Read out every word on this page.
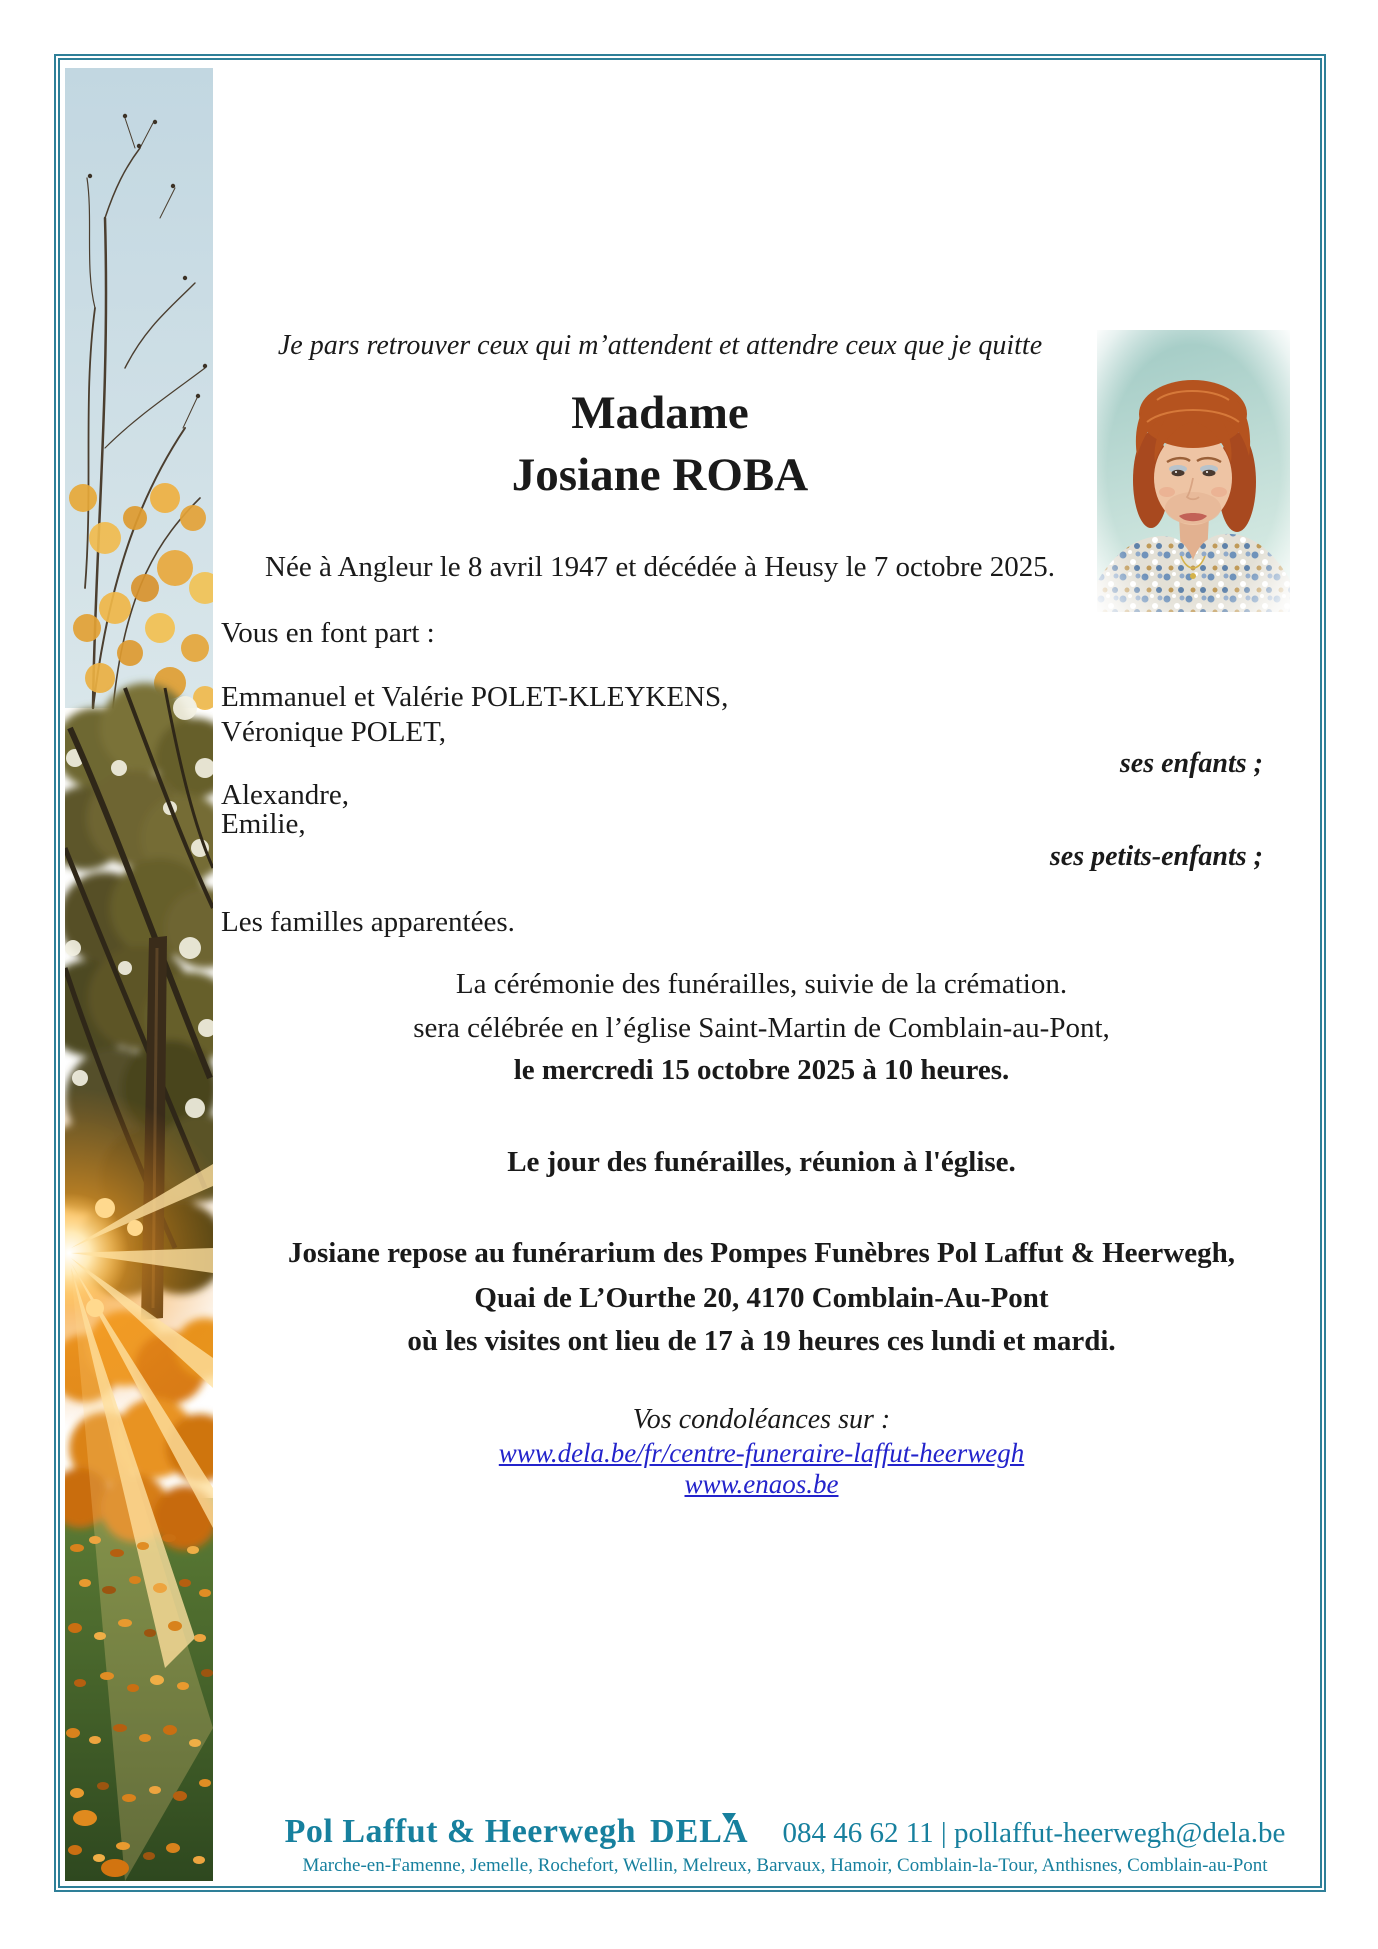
Je pars retrouver ceux qui m’attendent et attendre ceux que je quitte
Madame
Josiane ROBA
Née à Angleur le 8 avril 1947 et décédée à Heusy le 7 octobre 2025.
Vous en font part :
Emmanuel et Valérie POLET-KLEYKENS,
Véronique POLET,
ses enfants ;
Alexandre,
Emilie,
ses petits-enfants ;
Les familles apparentées.
La cérémonie des funérailles, suivie de la crémation.
sera célébrée en l’église Saint-Martin de Comblain-au-Pont,
le mercredi 15 octobre 2025 à 10 heures.
Le jour des funérailles, réunion à l'église.
Josiane repose au funérarium des Pompes Funèbres Pol Laffut & Heerwegh,
Quai de L’Ourthe 20, 4170 Comblain-Au-Pont
où les visites ont lieu de 17 à 19 heures ces lundi et mardi.
Vos condoléances sur :
www.dela.be/fr/centre-funeraire-laffut-heerwegh
www.enaos.be
Pol Laffut & Heerwegh DELA 084 46 62 11 | pollaffut-heerwegh@dela.be
Marche-en-Famenne, Jemelle, Rochefort, Wellin, Melreux, Barvaux, Hamoir, Comblain-la-Tour, Anthisnes, Comblain-au-Pont
